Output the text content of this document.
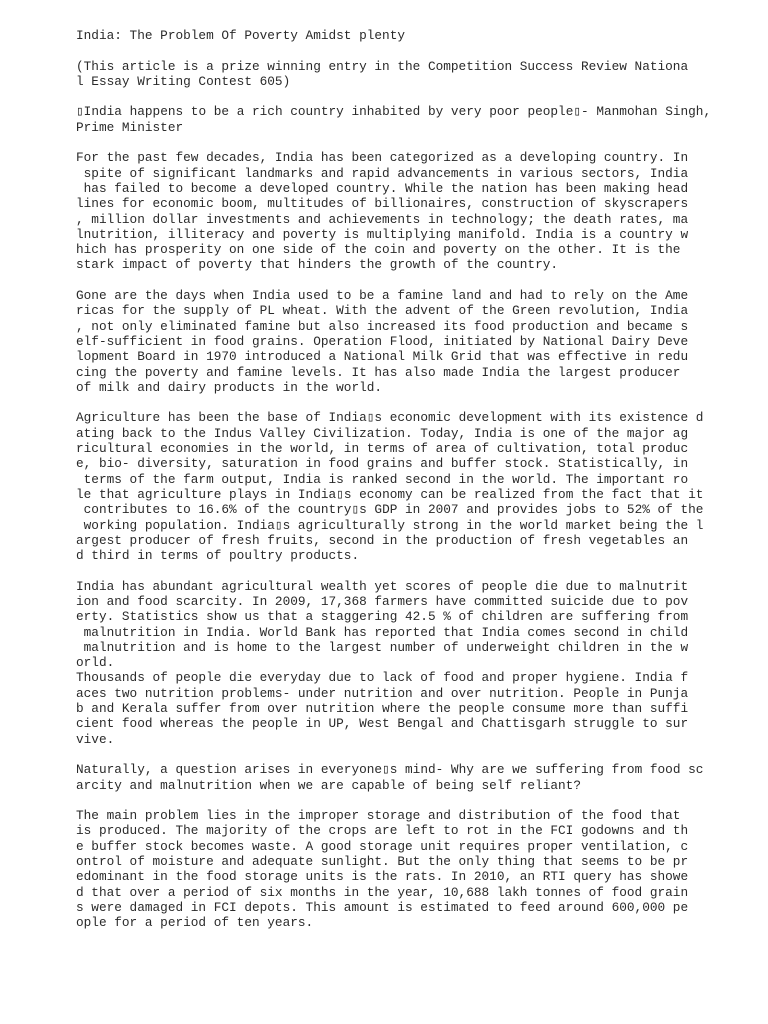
India: The Problem Of Poverty Amidst plenty
(This article is a prize winning entry in the Competition Success Review Nationa
l Essay Writing Contest 605)
▯India happens to be a rich country inhabited by very poor people▯- Manmohan Singh,
Prime Minister
For the past few decades, India has been categorized as a developing country. In
spite of significant landmarks and rapid advancements in various sectors, India
has failed to become a developed country. While the nation has been making head
lines for economic boom, multitudes of billionaires, construction of skyscrapers
, million dollar investments and achievements in technology; the death rates, ma
lnutrition, illiteracy and poverty is multiplying manifold. India is a country w
hich has prosperity on one side of the coin and poverty on the other. It is the
stark impact of poverty that hinders the growth of the country.
Gone are the days when India used to be a famine land and had to rely on the Ame
ricas for the supply of PL wheat. With the advent of the Green revolution, India
, not only eliminated famine but also increased its food production and became s
elf-sufficient in food grains. Operation Flood, initiated by National Dairy Deve
lopment Board in 1970 introduced a National Milk Grid that was effective in redu
cing the poverty and famine levels. It has also made India the largest producer
of milk and dairy products in the world.
Agriculture has been the base of India▯s economic development with its existence d
ating back to the Indus Valley Civilization. Today, India is one of the major ag
ricultural economies in the world, in terms of area of cultivation, total produc
e, bio- diversity, saturation in food grains and buffer stock. Statistically, in
terms of the farm output, India is ranked second in the world. The important ro
le that agriculture plays in India▯s economy can be realized from the fact that it
contributes to 16.6% of the country▯s GDP in 2007 and provides jobs to 52% of the
working population. India▯s agriculturally strong in the world market being the l
argest producer of fresh fruits, second in the production of fresh vegetables an
d third in terms of poultry products.
India has abundant agricultural wealth yet scores of people die due to malnutrit
ion and food scarcity. In 2009, 17,368 farmers have committed suicide due to pov
erty. Statistics show us that a staggering 42.5 % of children are suffering from
malnutrition in India. World Bank has reported that India comes second in child
malnutrition and is home to the largest number of underweight children in the w
orld.
Thousands of people die everyday due to lack of food and proper hygiene. India f
aces two nutrition problems- under nutrition and over nutrition. People in Punja
b and Kerala suffer from over nutrition where the people consume more than suffi
cient food whereas the people in UP, West Bengal and Chattisgarh struggle to sur
vive.
Naturally, a question arises in everyone▯s mind- Why are we suffering from food sc
arcity and malnutrition when we are capable of being self reliant?
The main problem lies in the improper storage and distribution of the food that
is produced. The majority of the crops are left to rot in the FCI godowns and th
e buffer stock becomes waste. A good storage unit requires proper ventilation, c
ontrol of moisture and adequate sunlight. But the only thing that seems to be pr
edominant in the food storage units is the rats. In 2010, an RTI query has showe
d that over a period of six months in the year, 10,688 lakh tonnes of food grain
s were damaged in FCI depots. This amount is estimated to feed around 600,000 pe
ople for a period of ten years.
